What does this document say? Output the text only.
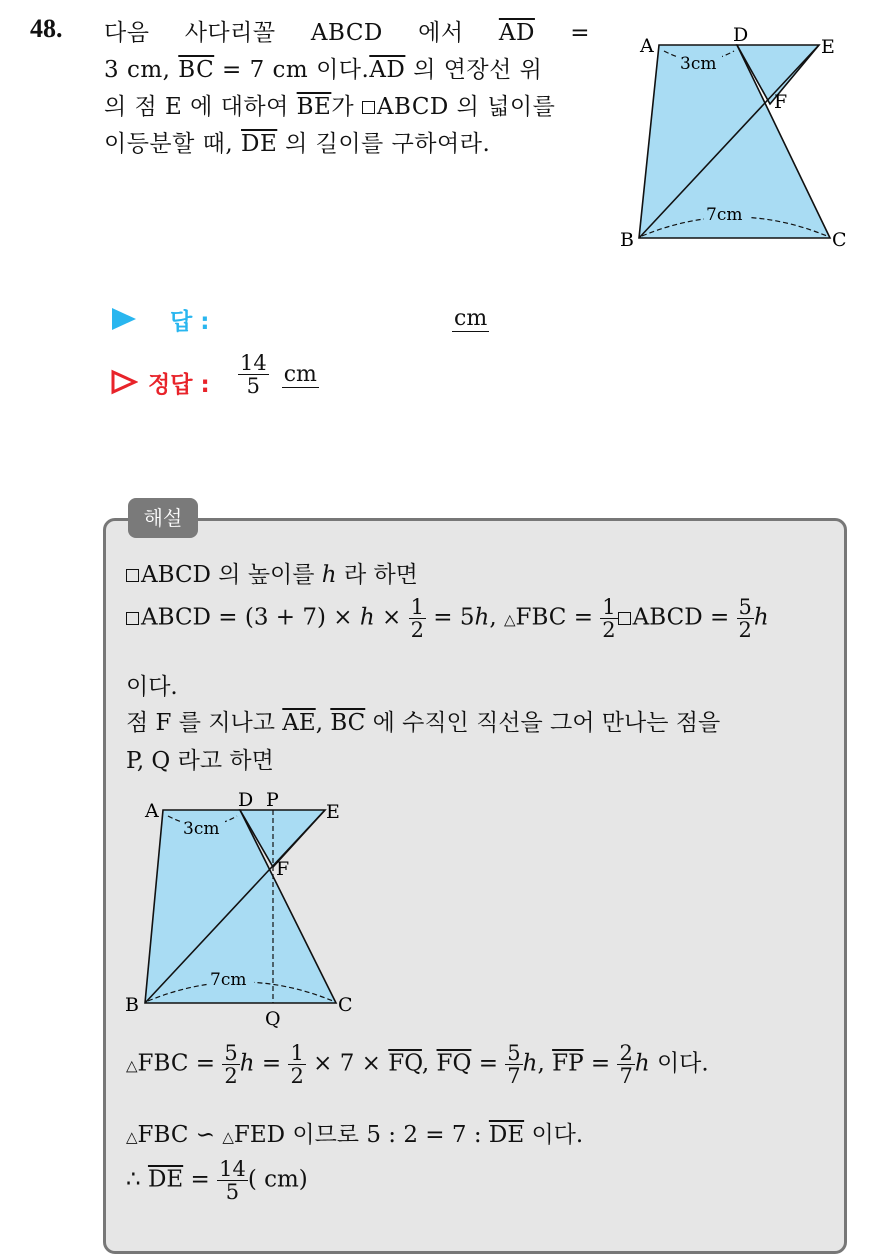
48. 다음 사다리꼴 ABCD 에서 $\overline{AD}$ =
3 cm, $\overline{BC} = 7$ cm 이다$.\overline{AD}$ 의 연장선 위
의 점 E 에 대하여 $\overline{BE}$가 ABCD 의 넓이를
이등분할 때, $\overline{DE}$ 의 길이를 구하여라.
3cm
7cm
A	D
E
F
B	C
답 :	cm
정답 : $\frac{14}{5}$ cm
해설
ABCD 의 높이를 h 라 하면
ABCD = $(3 + 7) \times h \times \frac{1}{2} = 5h$, △FBC = $\frac{1}{2}$ ABCD = $\frac{5}{2}$ h
이다.
점 F 를 지나고 $\overline{AE}$, $\overline{BC}$ 에 수직인 직선을 그어 만나는 점을
P, Q 라고 하면
3cm
7cm
A	D P
E
F
B
Q
C
△FBC = $\frac{5}{2}$ $h = \frac{1}{2} \times 7 \times \overline{FQ}$, $\overline{FQ} = \frac{5}{7} h$, $\overline{FP} = \frac{2}{7}$ h 이다.
△FBC ∽ △FED 이므로 5 : 2 = 7 : $\overline{DE}$ 이다.
∴ $\overline{DE} = \frac{14}{5}$ ( cm)
